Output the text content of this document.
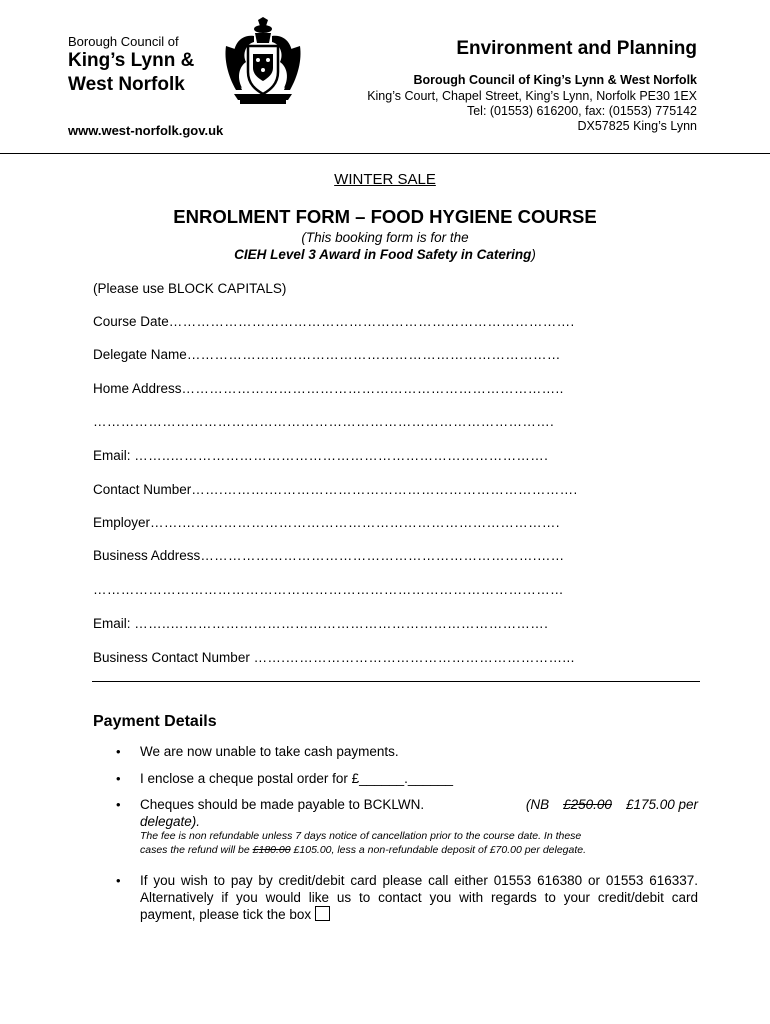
Borough Council of
King’s Lynn &
West Norfolk
www.west-norfolk.gov.uk
Environment and Planning
Borough Council of King’s Lynn & West Norfolk
King’s Court, Chapel Street, King’s Lynn, Norfolk PE30 1EX
Tel: (01553) 616200, fax: (01553) 775142
DX57825 King’s Lynn
WINTER SALE
ENROLMENT FORM – FOOD HYGIENE COURSE
(This booking form is for the
CIEH Level 3 Award in Food Safety in Catering)
(Please use BLOCK CAPITALS)
Course Date…………………………………………………………………………….
Delegate Name………………………………………………………………………
Home Address………………………………………………………………………..
……………………………………………………………………………………….
Email: ……..……………………………………………………………………….
Contact Number…….……….………………………………………………………….
Employer…….……………………………………………………………………….
Business Address……………………………………………………………….……
…………………………………………………………………………………………
Email: ……..……………………………………………………………………….
Business Contact Number …….……………………………………………………...
Payment Details
• We are now unable to take cash payments.
• I enclose a cheque postal order for £______.______
• Cheques should be made payable to BCKLWN.	(NB £250.00 £175.00 per
delegate).
The fee is non refundable unless 7 days notice of cancellation prior to the course date. In these
cases the refund will be £180.00 £105.00, less a non-refundable deposit of £70.00 per delegate.
• If you wish to pay by credit/debit card please call either 01553 616380 or 01553 616337. Alternatively if you would like us to contact you with regards to your credit/debit card payment, please tick the box
